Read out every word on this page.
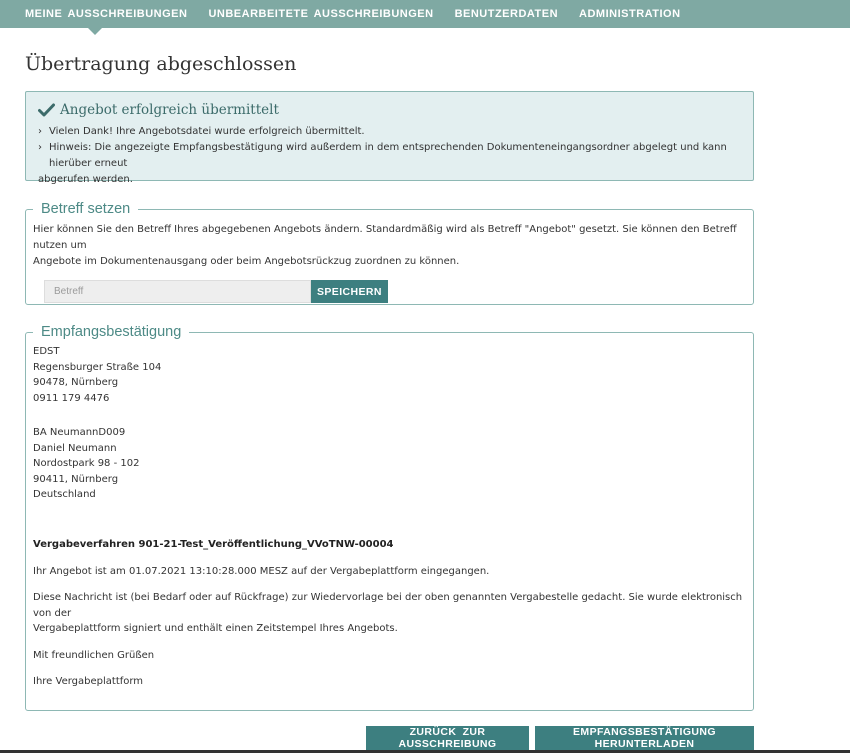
MEINE AUSSCHREIBUNGEN UNBEARBEITETE AUSSCHREIBUNGEN BENUTZERDATEN ADMINISTRATION
Übertragung abgeschlossen
Angebot erfolgreich übermittelt
› Vielen Dank! Ihre Angebotsdatei wurde erfolgreich übermittelt.
› Hinweis: Die angezeigte Empfangsbestätigung wird außerdem in dem entsprechenden Dokumenteneingangsordner abgelegt und kann hierüber erneut
abgerufen werden.
Betreff setzen
Hier können Sie den Betreff Ihres abgegebenen Angebots ändern. Standardmäßig wird als Betreff "Angebot" gesetzt. Sie können den Betreff nutzen um
Angebote im Dokumentenausgang oder beim Angebotsrückzug zuordnen zu können.
Betreff
SPEICHERN
Empfangsbestätigung
EDST
Regensburger Straße 104
90478, Nürnberg
0911 179 4476
BA NeumannD009
Daniel Neumann
Nordostpark 98 - 102
90411, Nürnberg
Deutschland
Vergabeverfahren 901-21-Test_Veröffentlichung_VVoTNW-00004
Ihr Angebot ist am 01.07.2021 13:10:28.000 MESZ auf der Vergabeplattform eingegangen.
Diese Nachricht ist (bei Bedarf oder auf Rückfrage) zur Wiedervorlage bei der oben genannten Vergabestelle gedacht. Sie wurde elektronisch von der
Vergabeplattform signiert und enthält einen Zeitstempel Ihres Angebots.
Mit freundlichen Grüßen
Ihre Vergabeplattform
ZURÜCK ZUR AUSSCHREIBUNG
EMPFANGSBESTÄTIGUNG HERUNTERLADEN
